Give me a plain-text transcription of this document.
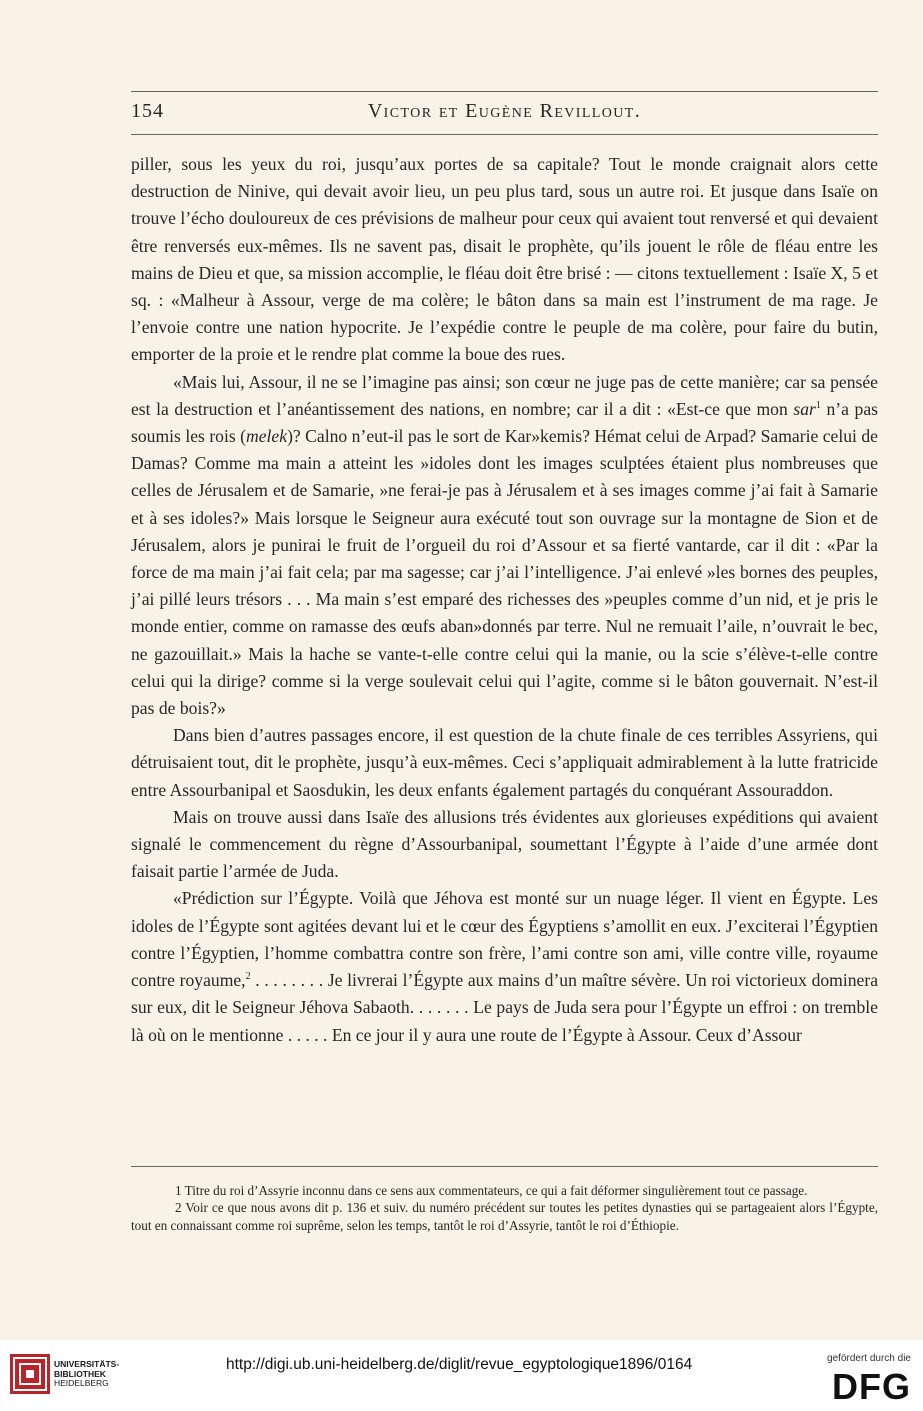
154	Victor et Eugène Revillout.

piller, sous les yeux du roi, jusqu’aux portes de sa capitale? Tout le monde craignait alors cette destruction de Ninive, qui devait avoir lieu, un peu plus tard, sous un autre roi. Et jusque dans Isaïe on trouve l’écho douloureux de ces prévisions de malheur pour ceux qui avaient tout renversé et qui devaient être renversés eux-mêmes. Ils ne savent pas, disait le prophète, qu’ils jouent le rôle de fléau entre les mains de Dieu et que, sa mission accomplie, le fléau doit être brisé : — citons textuellement : Isaïe X, 5 et sq. : «Malheur à Assour, verge de ma colère; le bâton dans sa main est l’instrument de ma rage. Je l’envoie contre une nation hypocrite. Je l’expédie contre le peuple de ma colère, pour faire du butin, emporter de la proie et le rendre plat comme la boue des rues.

«Mais lui, Assour, il ne se l’imagine pas ainsi; son cœur ne juge pas de cette manière; car sa pensée est la destruction et l’anéantissement des nations, en nombre; car il a dit : «Est-ce que mon sar$^1$ n’a pas soumis les rois (melek)? Calno n’eut-il pas le sort de Kar»kemis? Hémat celui de Arpad? Samarie celui de Damas? Comme ma main a atteint les »idoles dont les images sculptées étaient plus nombreuses que celles de Jérusalem et de Samarie, »ne ferai-je pas à Jérusalem et à ses images comme j’ai fait à Samarie et à ses idoles?» Mais lorsque le Seigneur aura exécuté tout son ouvrage sur la montagne de Sion et de Jérusalem, alors je punirai le fruit de l’orgueil du roi d’Assour et sa fierté vantarde, car il dit : «Par la force de ma main j’ai fait cela; par ma sagesse; car j’ai l’intelligence. J’ai enlevé »les bornes des peuples, j’ai pillé leurs trésors . . . Ma main s’est emparé des richesses des »peuples comme d’un nid, et je pris le monde entier, comme on ramasse des œufs aban»donnés par terre. Nul ne remuait l’aile, n’ouvrait le bec, ne gazouillait.» Mais la hache se vante-t-elle contre celui qui la manie, ou la scie s’élève-t-elle contre celui qui la dirige? comme si la verge soulevait celui qui l’agite, comme si le bâton gouvernait. N’est-il pas de bois?»

Dans bien d’autres passages encore, il est question de la chute finale de ces terribles Assyriens, qui détruisaient tout, dit le prophète, jusqu’à eux-mêmes. Ceci s’appliquait admirablement à la lutte fratricide entre Assourbanipal et Saosdukin, les deux enfants également partagés du conquérant Assouraddon.

Mais on trouve aussi dans Isaïe des allusions trés évidentes aux glorieuses expéditions qui avaient signalé le commencement du règne d’Assourbanipal, soumettant l’Égypte à l’aide d’une armée dont faisait partie l’armée de Juda.

«Prédiction sur l’Égypte. Voilà que Jéhova est monté sur un nuage léger. Il vient en Égypte. Les idoles de l’Égypte sont agitées devant lui et le cœur des Égyptiens s’amollit en eux. J’exciterai l’Égyptien contre l’Égyptien, l’homme combattra contre son frère, l’ami contre son ami, ville contre ville, royaume contre royaume,$^2$ . . . . . . . . Je livrerai l’Égypte aux mains d’un maître sévère. Un roi victorieux dominera sur eux, dit le Seigneur Jéhova Sabaoth. . . . . . . Le pays de Juda sera pour l’Égypte un effroi : on tremble là où on le mentionne . . . . . En ce jour il y aura une route de l’Égypte à Assour. Ceux d’Assour

1 Titre du roi d’Assyrie inconnu dans ce sens aux commentateurs, ce qui a fait déformer singulièrement tout ce passage.

2 Voir ce que nous avons dit p. 136 et suiv. du numéro précédent sur toutes les petites dynasties qui se partageaient alors l’Égypte, tout en connaissant comme roi suprême, selon les temps, tantôt le roi d’Assyrie, tantôt le roi d’Éthiopie.

UNIVERSITÄTS-
BIBLIOTHEK
HEIDELBERG
http://digi.ub.uni-heidelberg.de/diglit/revue_egyptologique1896/0164	gefördert durch die
DFG
